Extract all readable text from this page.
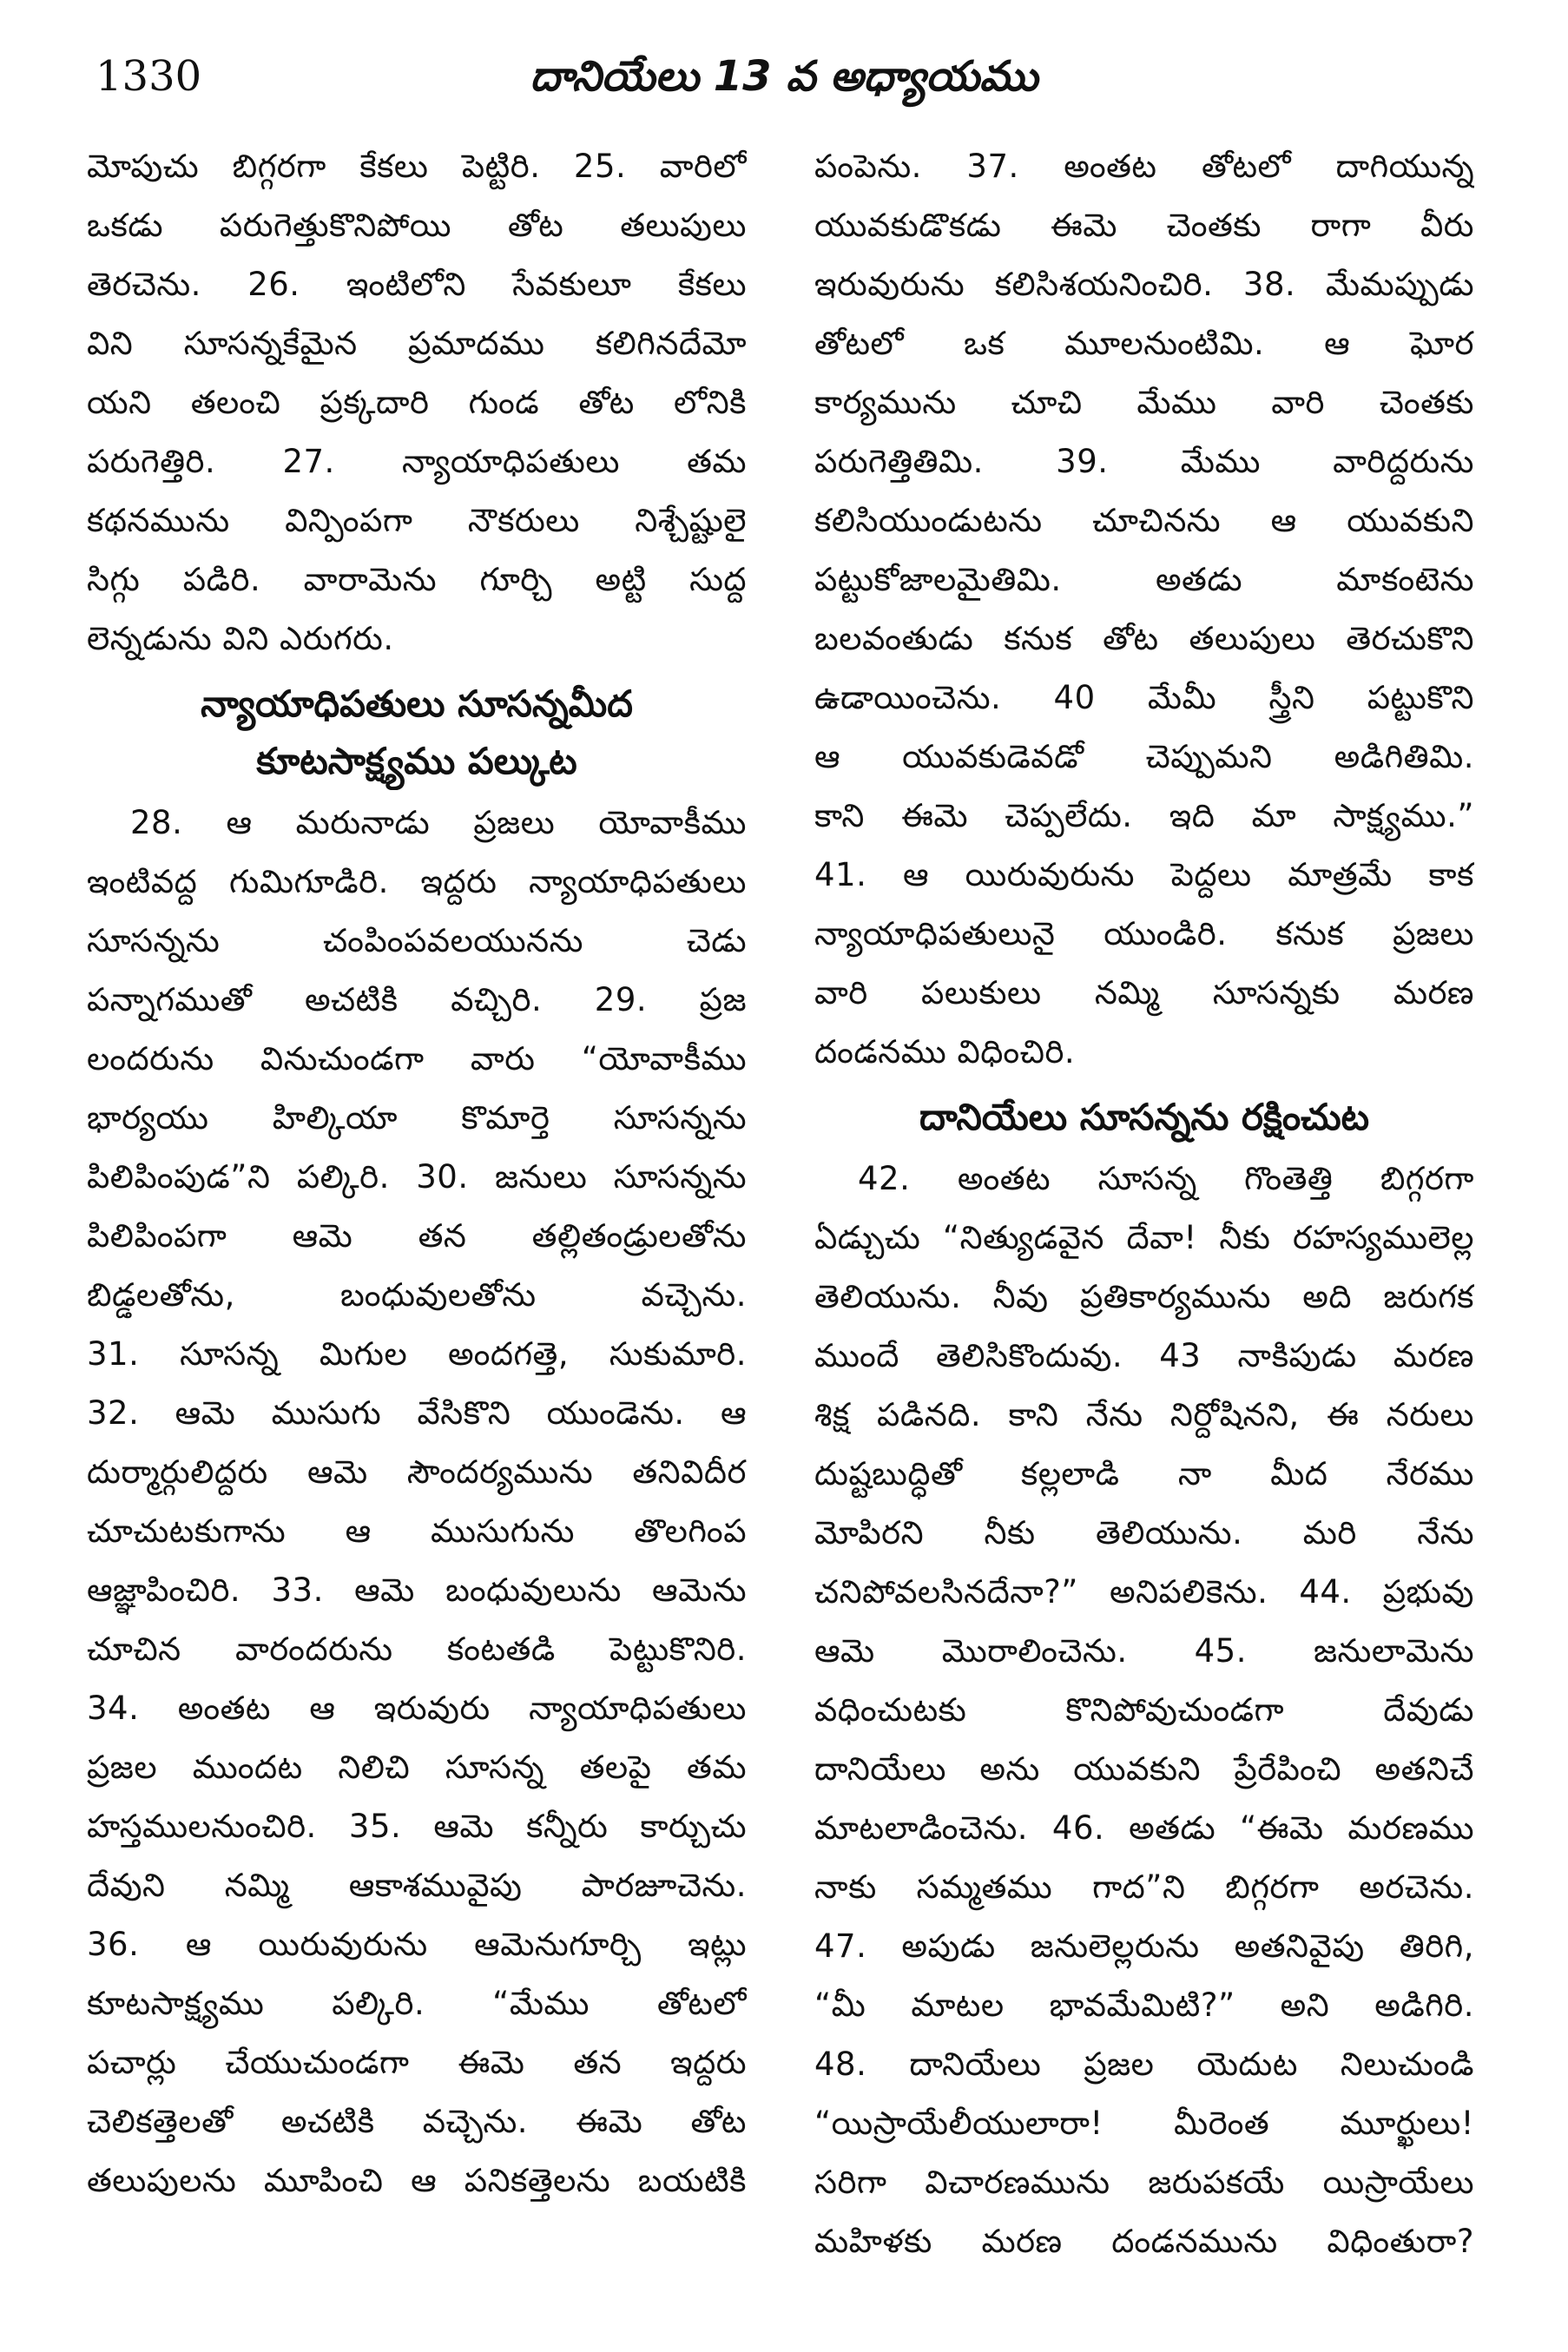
1330	దానియేలు 13 వ అధ్యాయము
మోపుచు బిగ్గరగా కేకలు పెట్టిరి. 25. వారిలో
ఒకడు పరుగెత్తుకొనిపోయి తోట తలుపులు
తెరచెను. 26. ఇంటిలోని సేవకులూ కేకలు
విని సూసన్నకేమైన ప్రమాదము కలిగినదేమో
యని తలంచి ప్రక్కదారి గుండ తోట లోనికి
పరుగెత్తిరి. 27. న్యాయాధిపతులు తమ
కథనమును విన్పింపగా నౌకరులు నిశ్చేష్టులై
సిగ్గు పడిరి. వారామెను గూర్చి అట్టి సుద్ద
లెన్నడును విని ఎరుగరు.
న్యాయాధిపతులు సూసన్నమీద
కూటసాక్ష్యము పల్కుట
28. ఆ మరునాడు ప్రజలు యోవాకీము
ఇంటివద్ద గుమిగూడిరి. ఇద్దరు న్యాయాధిపతులు
సూసన్నను చంపింపవలయునను చెడు
పన్నాగముతో అచటికి వచ్చిరి. 29. ప్రజ
లందరును వినుచుండగా వారు “యోవాకీము
భార్యయు హిల్కియా కొమార్తె సూసన్నను
పిలిపింపుడ”ని పల్కిరి. 30. జనులు సూసన్నను
పిలిపింపగా ఆమె తన తల్లితండ్రులతోను
బిడ్డలతోను, బంధువులతోను వచ్చెను.
31. సూసన్న మిగుల అందగత్తె, సుకుమారి.
32. ఆమె ముసుగు వేసికొని యుండెను. ఆ
దుర్మార్గులిద్దరు ఆమె సౌందర్యమును తనివిదీర
చూచుటకుగాను ఆ ముసుగును తొలగింప
ఆజ్ఞాపించిరి. 33. ఆమె బంధువులును ఆమెను
చూచిన వారందరును కంటతడి పెట్టుకొనిరి.
34. అంతట ఆ ఇరువురు న్యాయాధిపతులు
ప్రజల ముందట నిలిచి సూసన్న తలపై తమ
హస్తములనుంచిరి. 35. ఆమె కన్నీరు కార్చుచు
దేవుని నమ్మి ఆకాశమువైపు పారజూచెను.
36. ఆ యిరువురును ఆమెనుగూర్చి ఇట్లు
కూటసాక్ష్యము పల్కిరి. “మేము తోటలో
పచార్లు చేయుచుండగా ఈమె తన ఇద్దరు
చెలికత్తెలతో అచటికి వచ్చెను. ఈమె తోట
తలుపులను మూపించి ఆ పనికత్తెలను బయటికి
పంపెను. 37. అంతట తోటలో దాగియున్న
యువకుడొకడు ఈమె చెంతకు రాగా వీరు
ఇరువురును కలిసిశయనించిరి. 38. మేమప్పుడు
తోటలో ఒక మూలనుంటిమి. ఆ ఘోర
కార్యమును చూచి మేము వారి చెంతకు
పరుగెత్తితిమి. 39. మేము వారిద్దరును
కలిసియుండుటను చూచినను ఆ యువకుని
పట్టుకోజాలమైతిమి. అతడు మాకంటెను
బలవంతుడు కనుక తోట తలుపులు తెరచుకొని
ఉడాయించెను. 40 మేమీ స్త్రీని పట్టుకొని
ఆ యువకుడెవడో చెప్పుమని అడిగితిమి.
కాని ఈమె చెప్పలేదు. ఇది మా సాక్ష్యము.”
41. ఆ యిరువురును పెద్దలు మాత్రమే కాక
న్యాయాధిపతులునై యుండిరి. కనుక ప్రజలు
వారి పలుకులు నమ్మి సూసన్నకు మరణ
దండనము విధించిరి.
దానియేలు సూసన్నను రక్షించుట
42. అంతట సూసన్న గొంతెత్తి బిగ్గరగా
ఏడ్చుచు “నిత్యుడవైన దేవా! నీకు రహస్యములెల్ల
తెలియును. నీవు ప్రతికార్యమును అది జరుగక
ముందే తెలిసికొందువు. 43 నాకిపుడు మరణ
శిక్ష పడినది. కాని నేను నిర్దోషినని, ఈ నరులు
దుష్టబుద్ధితో కల్లలాడి నా మీద నేరము
మోపిరని నీకు తెలియును. మరి నేను
చనిపోవలసినదేనా?” అనిపలికెను. 44. ప్రభువు
ఆమె మొరాలించెను. 45. జనులామెను
వధించుటకు కొనిపోవుచుండగా దేవుడు
దానియేలు అను యువకుని ప్రేరేపించి అతనిచే
మాటలాడించెను. 46. అతడు “ఈమె మరణము
నాకు సమ్మతము గాద”ని బిగ్గరగా అరచెను.
47. అపుడు జనులెల్లరును అతనివైపు తిరిగి,
“మీ మాటల భావమేమిటి?” అని అడిగిరి.
48. దానియేలు ప్రజల యెదుట నిలుచుండి
“యిస్రాయేలీయులారా! మీరెంత మూర్ఖులు!
సరిగా విచారణమును జరుపకయే యిస్రాయేలు
మహిళకు మరణ దండనమును విధింతురా?
